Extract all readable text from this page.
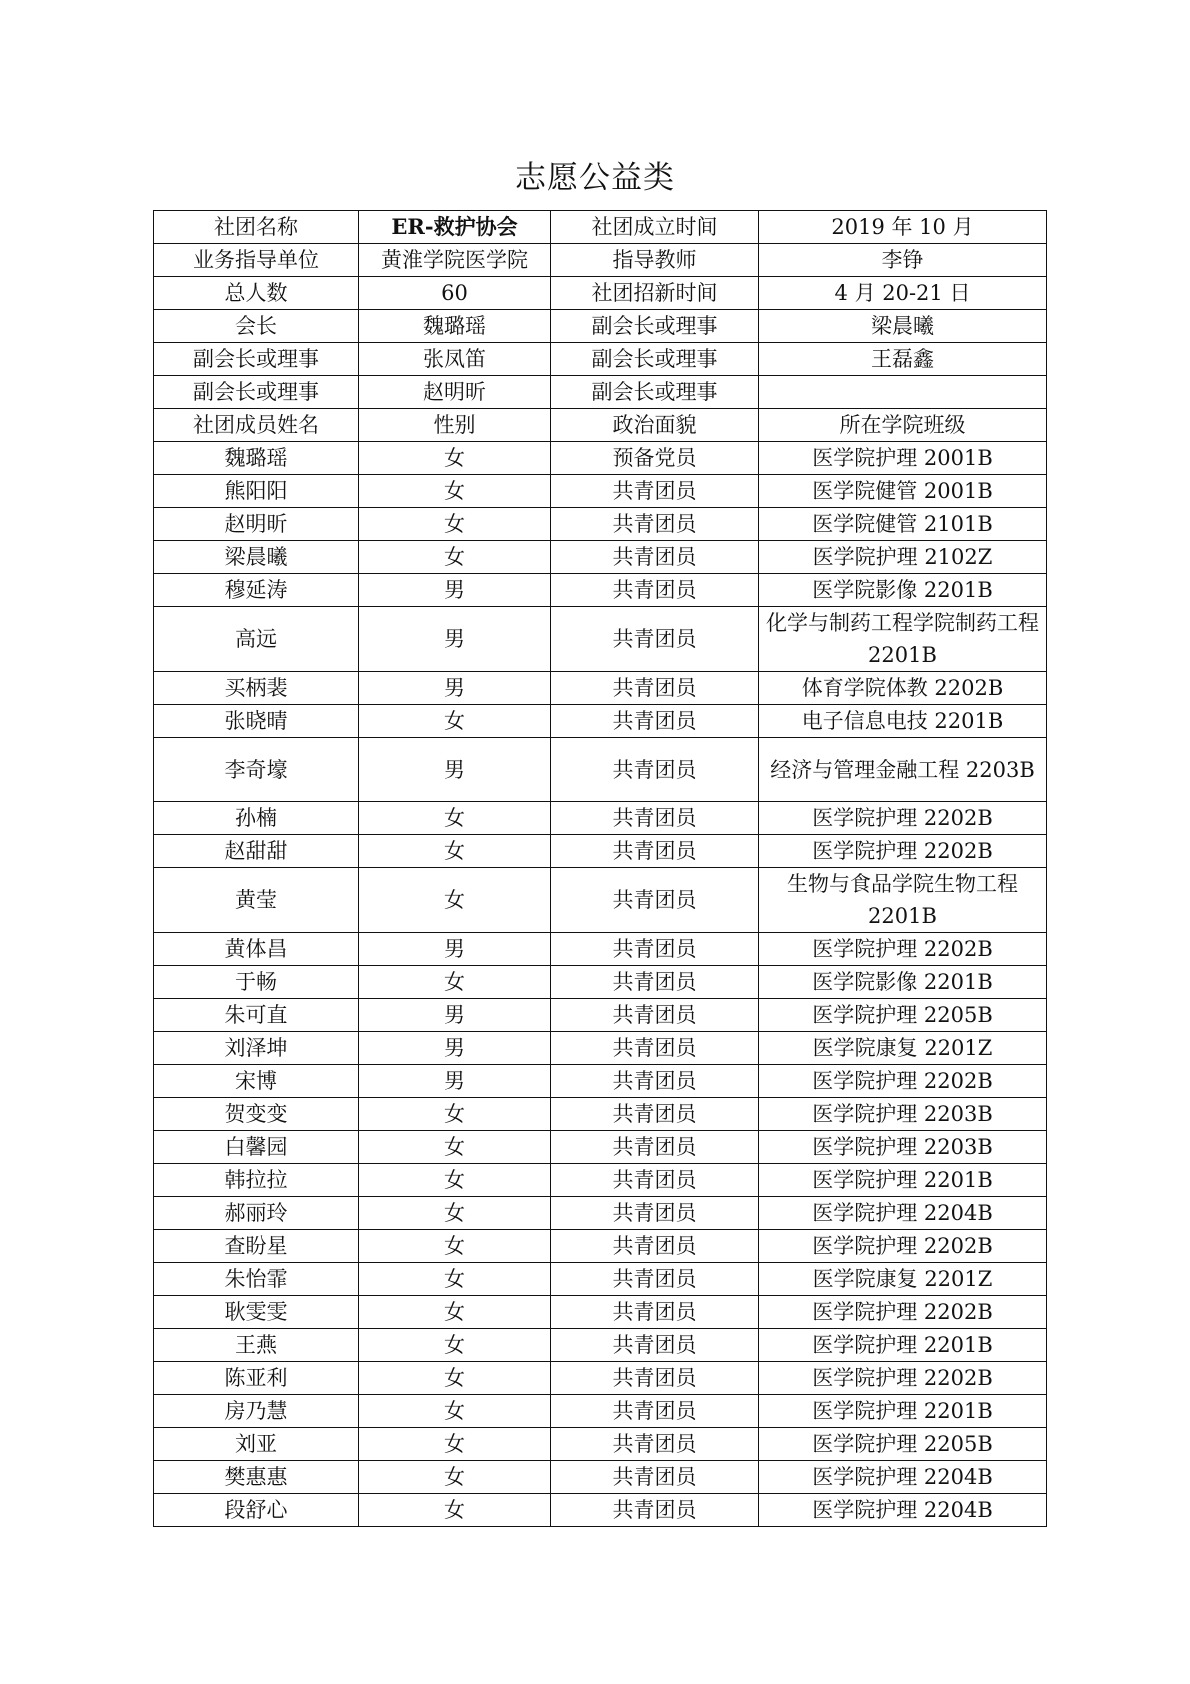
志愿公益类
社团名称	ER-救护协会	社团成立时间	2019 年 10 月
业务指导单位	黄淮学院医学院	指导教师	李铮
总人数	60	社团招新时间	4 月 20-21 日
会长	魏璐瑶	副会长或理事	梁晨曦
副会长或理事	张凤笛	副会长或理事	王磊鑫
副会长或理事	赵明昕	副会长或理事	
社团成员姓名	性别	政治面貌	所在学院班级
魏璐瑶	女	预备党员	医学院护理 2001B
熊阳阳	女	共青团员	医学院健管 2001B
赵明昕	女	共青团员	医学院健管 2101B
梁晨曦	女	共青团员	医学院护理 2102Z
穆延涛	男	共青团员	医学院影像 2201B
高远	男	共青团员	化学与制药工程学院制药工程 2201B
买柄裴	男	共青团员	体育学院体教 2202B
张晓晴	女	共青团员	电子信息电技 2201B
李奇壕	男	共青团员	经济与管理金融工程 2203B
孙楠	女	共青团员	医学院护理 2202B
赵甜甜	女	共青团员	医学院护理 2202B
黄莹	女	共青团员	生物与食品学院生物工程 2201B
黄体昌	男	共青团员	医学院护理 2202B
于畅	女	共青团员	医学院影像 2201B
朱可直	男	共青团员	医学院护理 2205B
刘泽坤	男	共青团员	医学院康复 2201Z
宋博	男	共青团员	医学院护理 2202B
贺变变	女	共青团员	医学院护理 2203B
白馨园	女	共青团员	医学院护理 2203B
韩拉拉	女	共青团员	医学院护理 2201B
郝丽玲	女	共青团员	医学院护理 2204B
查盼星	女	共青团员	医学院护理 2202B
朱怡霏	女	共青团员	医学院康复 2201Z
耿雯雯	女	共青团员	医学院护理 2202B
王燕	女	共青团员	医学院护理 2201B
陈亚利	女	共青团员	医学院护理 2202B
房乃慧	女	共青团员	医学院护理 2201B
刘亚	女	共青团员	医学院护理 2205B
樊惠惠	女	共青团员	医学院护理 2204B
段舒心	女	共青团员	医学院护理 2204B
